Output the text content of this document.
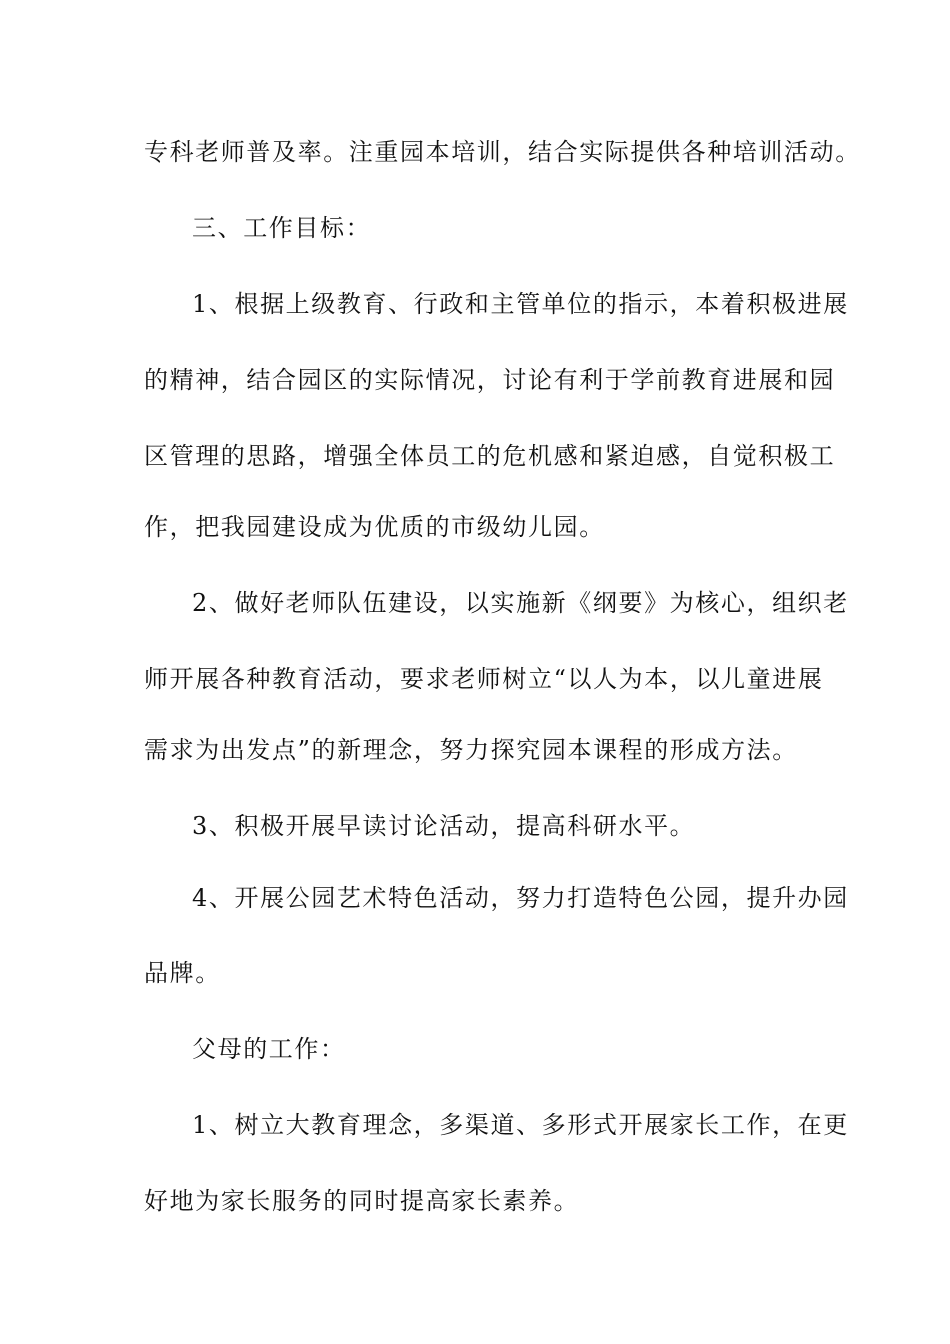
专科老师普及率。注重园本培训，结合实际提供各种培训活动。

三、工作目标：

1、根据上级教育、行政和主管单位的指示，本着积极进展

的精神，结合园区的实际情况，讨论有利于学前教育进展和园

区管理的思路，增强全体员工的危机感和紧迫感，自觉积极工

作，把我园建设成为优质的市级幼儿园。

2、做好老师队伍建设，以实施新《纲要》为核心，组织老

师开展各种教育活动，要求老师树立“以人为本，以儿童进展

需求为出发点”的新理念，努力探究园本课程的形成方法。

3、积极开展早读讨论活动，提高科研水平。

4、开展公园艺术特色活动，努力打造特色公园，提升办园

品牌。

父母的工作：

1、树立大教育理念，多渠道、多形式开展家长工作，在更

好地为家长服务的同时提高家长素养。
